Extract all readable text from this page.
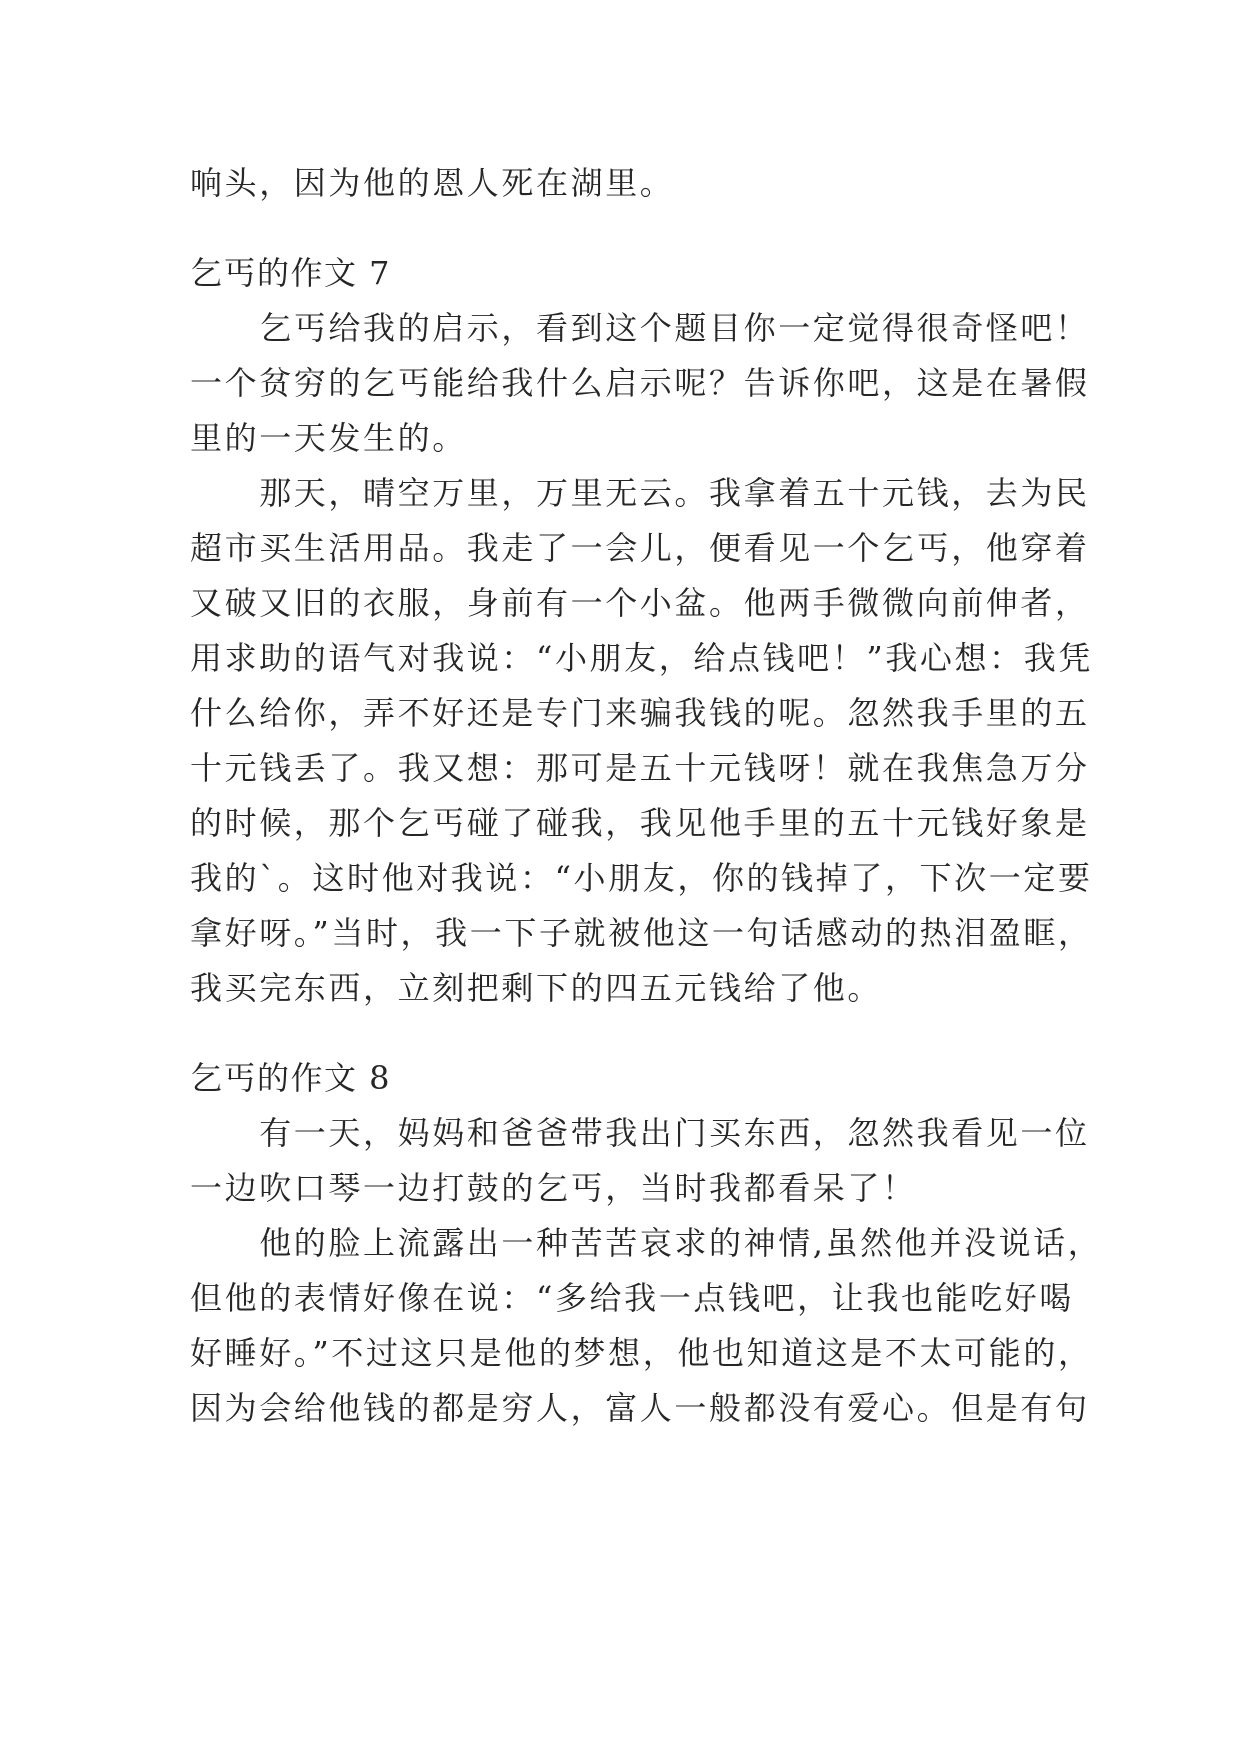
响头，因为他的恩人死在湖里。
乞丐的作文 7
　　乞丐给我的启示，看到这个题目你一定觉得很奇怪吧！
一个贫穷的乞丐能给我什么启示呢？告诉你吧，这是在暑假
里的一天发生的。
　　那天，晴空万里，万里无云。我拿着五十元钱，去为民
超市买生活用品。我走了一会儿，便看见一个乞丐，他穿着
又破又旧的衣服，身前有一个小盆。他两手微微向前伸者，
用求助的语气对我说：“小朋友，给点钱吧！”我心想：我凭
什么给你，弄不好还是专门来骗我钱的呢。忽然我手里的五
十元钱丢了。我又想：那可是五十元钱呀！就在我焦急万分
的时候，那个乞丐碰了碰我，我见他手里的五十元钱好象是
我的`。这时他对我说：“小朋友，你的钱掉了，下次一定要
拿好呀。”当时，我一下子就被他这一句话感动的热泪盈眶，
我买完东西，立刻把剩下的四五元钱给了他。
乞丐的作文 8
　　有一天，妈妈和爸爸带我出门买东西，忽然我看见一位
一边吹口琴一边打鼓的乞丐，当时我都看呆了！
　　他的脸上流露出一种苦苦哀求的神情,虽然他并没说话，
但他的表情好像在说：“多给我一点钱吧，让我也能吃好喝
好睡好。”不过这只是他的梦想，他也知道这是不太可能的，
因为会给他钱的都是穷人，富人一般都没有爱心。但是有句
